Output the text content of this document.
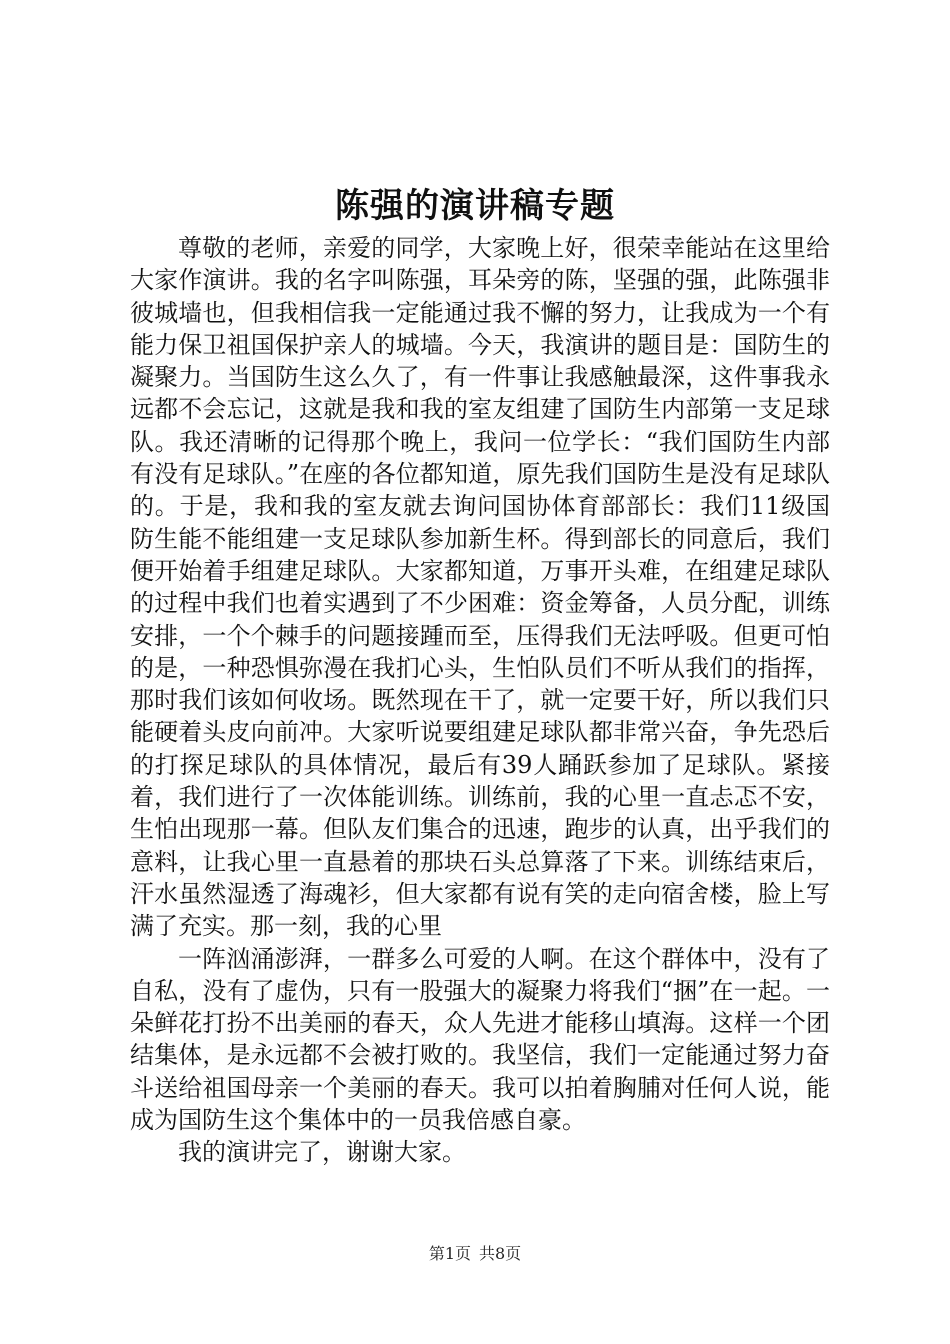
陈强的演讲稿专题

尊敬的老师，亲爱的同学，大家晚上好，很荣幸能站在这里给大家作演讲。我的名字叫陈强，耳朵旁的陈，坚强的强，此陈强非彼城墙也，但我相信我一定能通过我不懈的努力，让我成为一个有能力保卫祖国保护亲人的城墙。今天，我演讲的题目是：国防生的凝聚力。当国防生这么久了，有一件事让我感触最深，这件事我永远都不会忘记，这就是我和我的室友组建了国防生内部第一支足球队。我还清晰的记得那个晚上，我问一位学长：“我们国防生内部有没有足球队。”在座的各位都知道，原先我们国防生是没有足球队的。于是，我和我的室友就去询问国协体育部部长：我们11级国防生能不能组建一支足球队参加新生杯。得到部长的同意后，我们便开始着手组建足球队。大家都知道，万事开头难，在组建足球队的过程中我们也着实遇到了不少困难：资金筹备，人员分配，训练安排，一个个棘手的问题接踵而至，压得我们无法呼吸。但更可怕的是，一种恐惧弥漫在我扪心头，生怕队员们不听从我们的指挥，那时我们该如何收场。既然现在干了，就一定要干好，所以我们只能硬着头皮向前冲。大家听说要组建足球队都非常兴奋，争先恐后的打探足球队的具体情况，最后有39人踊跃参加了足球队。紧接着，我们进行了一次体能训练。训练前，我的心里一直忐忑不安，生怕出现那一幕。但队友们集合的迅速，跑步的认真，出乎我们的意料，让我心里一直悬着的那块石头总算落了下来。训练结束后，汗水虽然湿透了海魂衫，但大家都有说有笑的走向宿舍楼，脸上写满了充实。那一刻，我的心里

一阵汹涌澎湃，一群多么可爱的人啊。在这个群体中，没有了自私，没有了虚伪，只有一股强大的凝聚力将我们“捆”在一起。一朵鲜花打扮不出美丽的春天，众人先进才能移山填海。这样一个团结集体，是永远都不会被打败的。我坚信，我们一定能通过努力奋斗送给祖国母亲一个美丽的春天。我可以拍着胸脯对任何人说，能成为国防生这个集体中的一员我倍感自豪。

我的演讲完了，谢谢大家。

第1页 共8页
